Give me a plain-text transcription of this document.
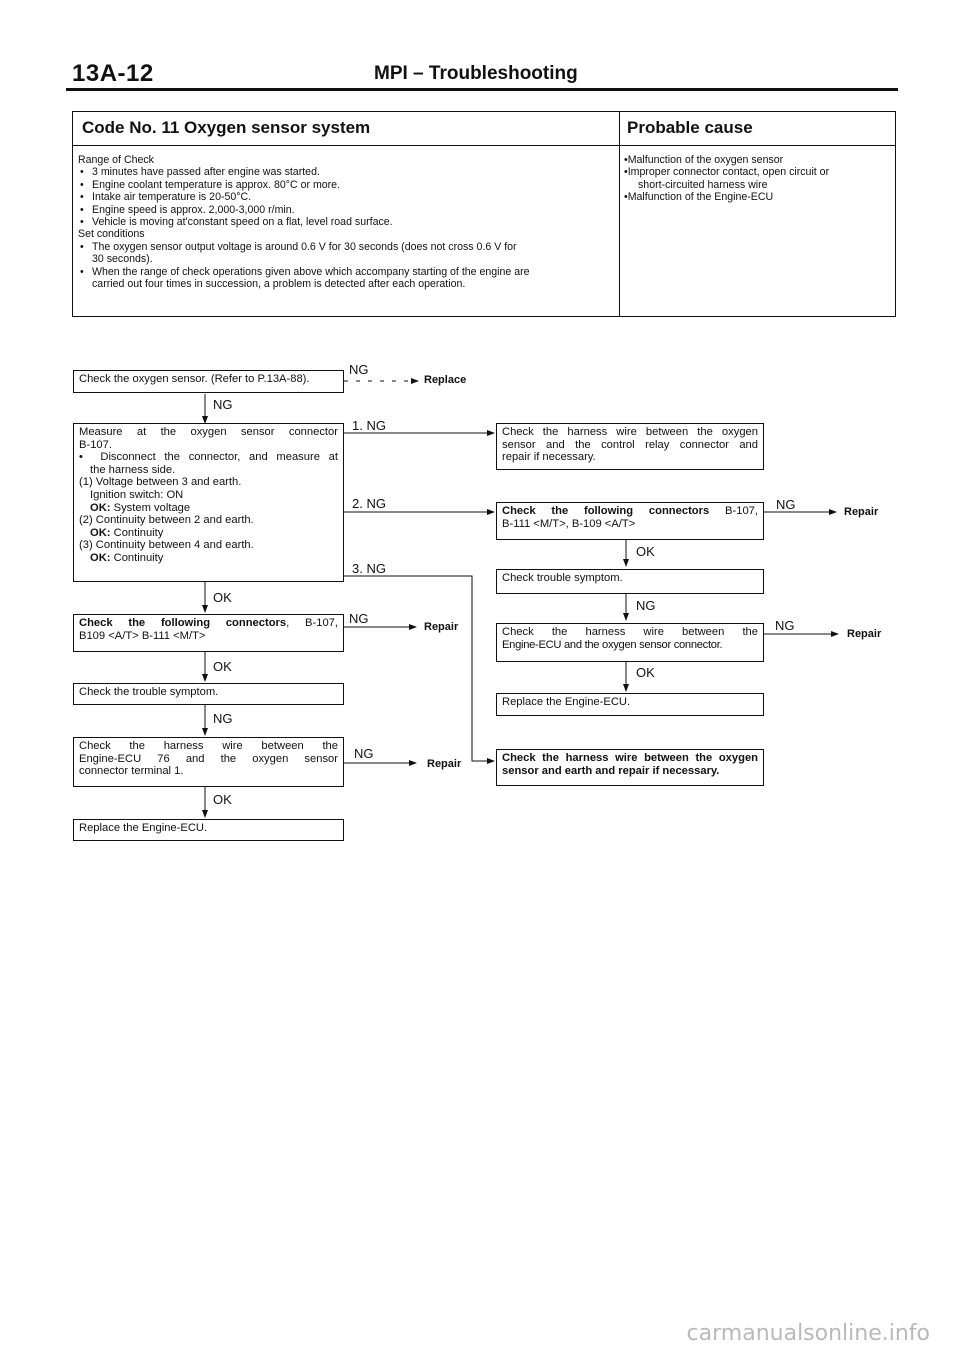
13A-12	MPI – Troubleshooting
Code No. 11 Oxygen sensor system	Probable cause
Range of Check
• 3 minutes have passed after engine was started.
• Engine coolant temperature is approx. 80°C or more.
• Intake air temperature is 20-50°C.
• Engine speed is approx. 2,000-3,000 r/min.
• Vehicle is moving at'constant speed on a flat, level road surface.
Set conditions
• The oxygen sensor output voltage is around 0.6 V for 30 seconds (does not cross 0.6 V for
30 seconds).
• When the range of check operations given above which accompany starting of the engine are
carried out four times in succession, a problem is detected after each operation.
•Malfunction of the oxygen sensor
•Improper connector contact, open circuit or
short-circuited harness wire
•Malfunction of the Engine-ECU
Check the oxygen sensor. (Refer to P.13A-88).
Measure at the oxygen sensor connector
B-107.
• Disconnect the connector, and measure at
the harness side.
(1) Voltage between 3 and earth.
Ignition switch: ON
OK: System voltage
(2) Continuity between 2 and earth.
OK: Continuity
(3) Continuity between 4 and earth.
OK: Continuity
Check the following connectors, B-107,
B109 <A/T> B-111 <M/T>
Check the trouble symptom.
Check the harness wire between the
Engine-ECU 76 and the oxygen sensor
connector terminal 1.
Replace the Engine-ECU.
Check the harness wire between the oxygen
sensor and the control relay connector and
repair if necessary.
Check the following connectors B-107,
B-111 <M/T>, B-109 <A/T>
Check trouble symptom.
Check the harness wire between the
Engine-ECU and the oxygen sensor connector.
Replace the Engine-ECU.
Check the harness wire between the oxygen
sensor and earth and repair if necessary.
NG
Replace
NG
1. NG
2. NG
3. NG
OK
NG
Repair
OK
NG
NG
Repair
OK
NG	Repair
OK
NG
NG
Repair
OK
carmanualsonline.info
